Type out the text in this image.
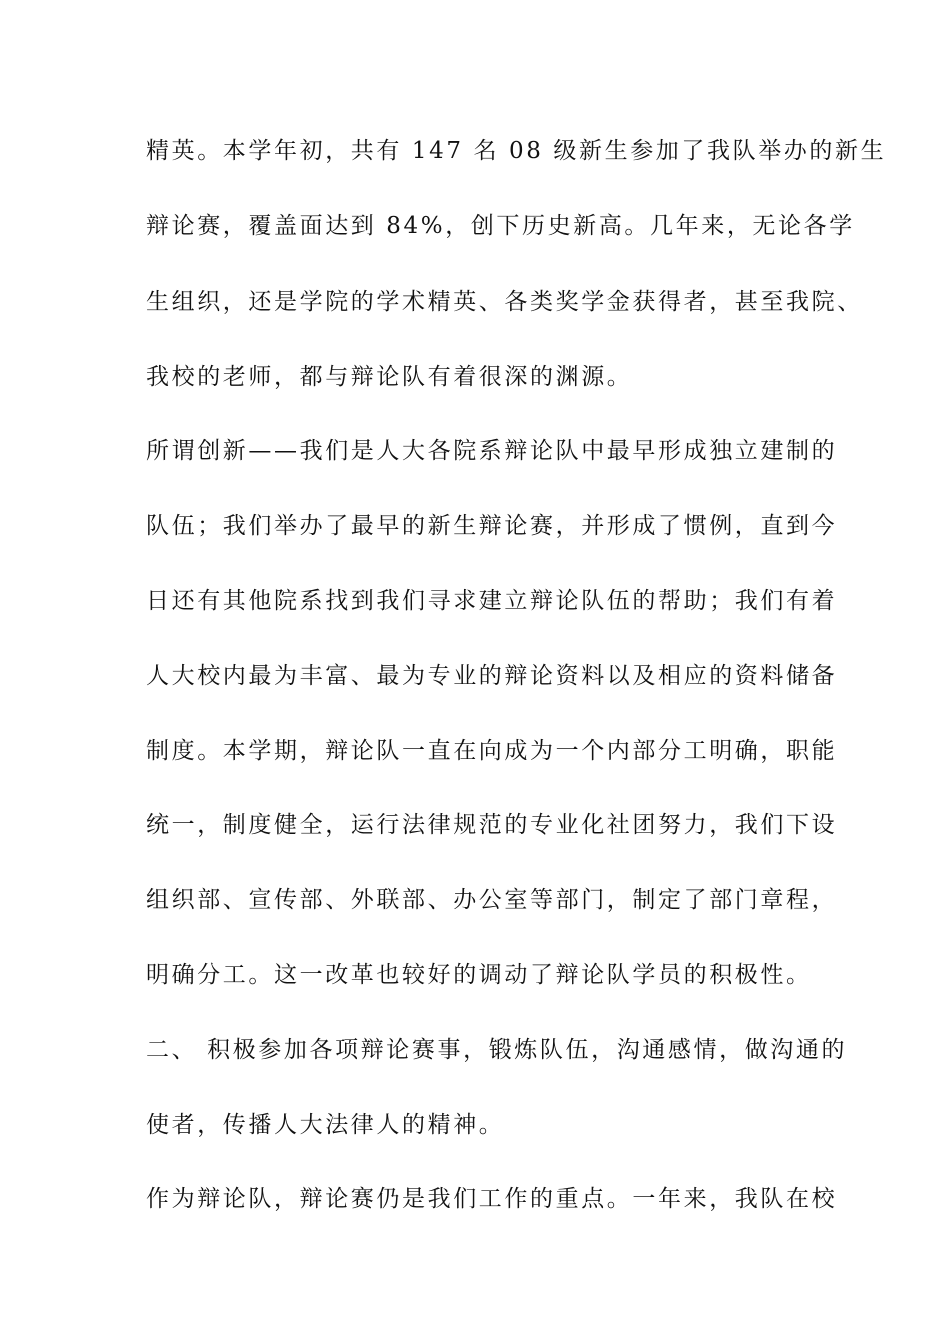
精英。本学年初，共有 147 名 08 级新生参加了我队举办的新生
辩论赛，覆盖面达到 84%，创下历史新高。几年来，无论各学
生组织，还是学院的学术精英、各类奖学金获得者，甚至我院、
我校的老师，都与辩论队有着很深的渊源。
所谓创新——我们是人大各院系辩论队中最早形成独立建制的
队伍；我们举办了最早的新生辩论赛，并形成了惯例，直到今
日还有其他院系找到我们寻求建立辩论队伍的帮助；我们有着
人大校内最为丰富、最为专业的辩论资料以及相应的资料储备
制度。本学期，辩论队一直在向成为一个内部分工明确，职能
统一，制度健全，运行法律规范的专业化社团努力，我们下设
组织部、宣传部、外联部、办公室等部门，制定了部门章程，
明确分工。这一改革也较好的调动了辩论队学员的积极性。
二、 积极参加各项辩论赛事，锻炼队伍，沟通感情，做沟通的
使者，传播人大法律人的精神。
作为辩论队，辩论赛仍是我们工作的重点。一年来，我队在校
